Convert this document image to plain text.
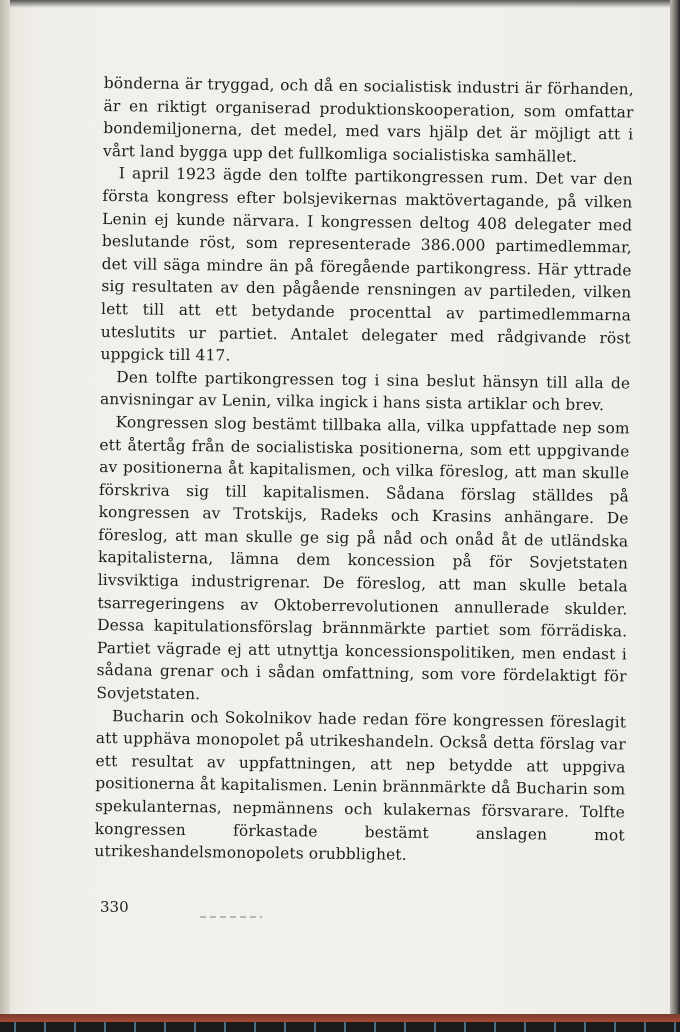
bönderna är tryggad, och då en socialistisk industri är förhanden, är en riktigt organiserad produktionskooperation, som omfattar bondemiljonerna, det medel, med vars hjälp det är möjligt att i vårt land bygga upp det fullkomliga socialistiska samhället.

I april 1923 ägde den tolfte partikongressen rum. Det var den första kongress efter bolsjevikernas maktövertagande, på vilken Lenin ej kunde närvara. I kongressen deltog 408 delegater med beslutande röst, som representerade 386.000 partimedlemmar, det vill säga mindre än på föregående partikongress. Här yttrade sig resultaten av den pågående rensningen av partileden, vilken lett till att ett betydande procenttal av partimedlemmarna uteslutits ur partiet. Antalet delegater med rådgivande röst uppgick till 417.

Den tolfte partikongressen tog i sina beslut hänsyn till alla de anvisningar av Lenin, vilka ingick i hans sista artiklar och brev.

Kongressen slog bestämt tillbaka alla, vilka uppfattade nep som ett återtåg från de socialistiska positionerna, som ett uppgivande av positionerna åt kapitalismen, och vilka föreslog, att man skulle förskriva sig till kapitalismen. Sådana förslag ställdes på kongressen av Trotskijs, Radeks och Krasins anhängare. De föreslog, att man skulle ge sig på nåd och onåd åt de utländska kapitalisterna, lämna dem koncession på för Sovjetstaten livsviktiga industrigrenar. De föreslog, att man skulle betala tsarregeringens av Oktoberrevolutionen annullerade skulder. Dessa kapitulationsförslag brännmärkte partiet som förrädiska. Partiet vägrade ej att utnyttja koncessionspolitiken, men endast i sådana grenar och i sådan omfattning, som vore fördelaktigt för Sovjetstaten.

Bucharin och Sokolnikov hade redan före kongressen föreslagit att upphäva monopolet på utrikeshandeln. Också detta förslag var ett resultat av uppfattningen, att nep betydde att uppgiva positionerna åt kapitalismen. Lenin brännmärkte då Bucharin som spekulanternas, nepmännens och kulakernas försvarare. Tolfte kongressen förkastade bestämt anslagen mot utrikeshandelsmonopolets orubblighet.

330
